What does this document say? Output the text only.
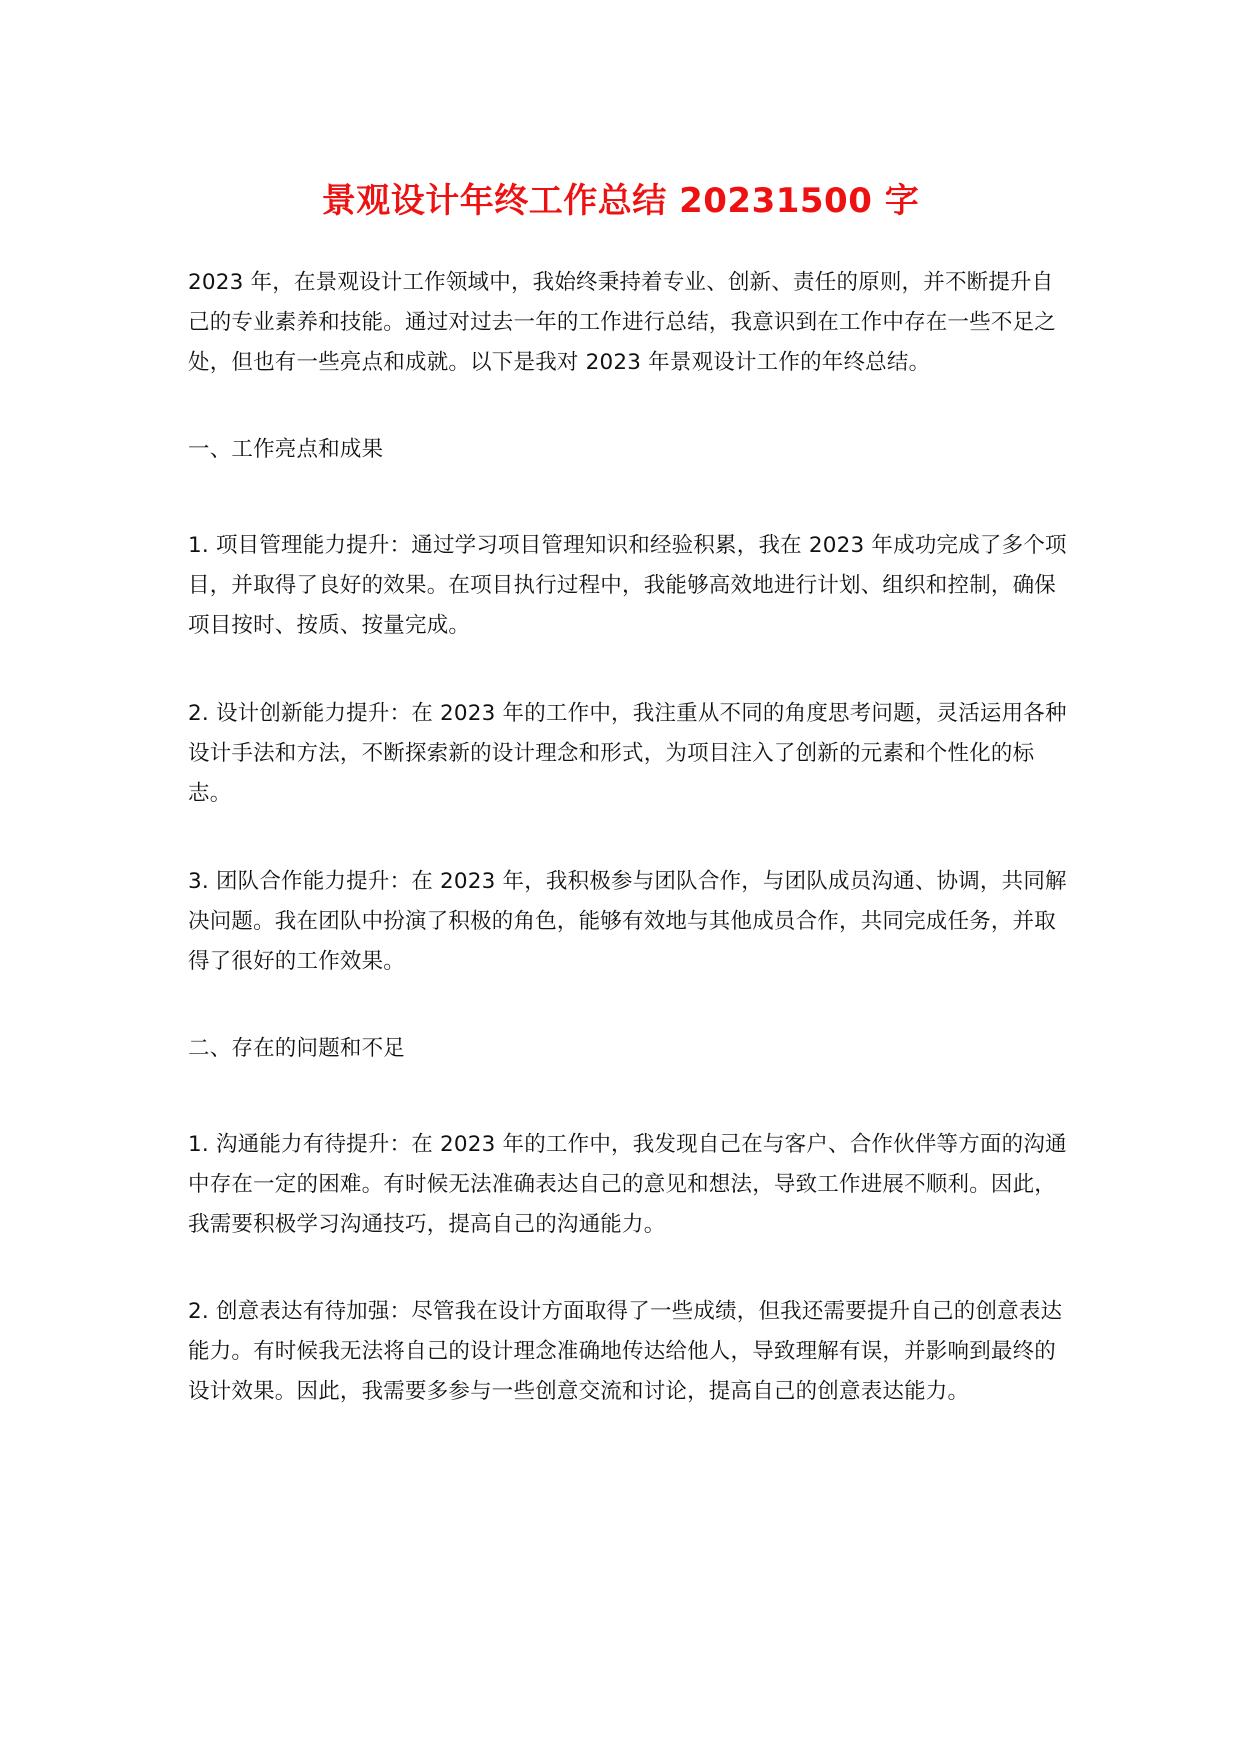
景观设计年终工作总结 20231500 字
2023 年，在景观设计工作领域中，我始终秉持着专业、创新、责任的原则，并不断提升自己的专业素养和技能。通过对过去一年的工作进行总结，我意识到在工作中存在一些不足之处，但也有一些亮点和成就。以下是我对 2023 年景观设计工作的年终总结。
一、工作亮点和成果
1. 项目管理能力提升：通过学习项目管理知识和经验积累，我在 2023 年成功完成了多个项目，并取得了良好的效果。在项目执行过程中，我能够高效地进行计划、组织和控制，确保项目按时、按质、按量完成。
2. 设计创新能力提升：在 2023 年的工作中，我注重从不同的角度思考问题，灵活运用各种设计手法和方法，不断探索新的设计理念和形式，为项目注入了创新的元素和个性化的标志。
3. 团队合作能力提升：在 2023 年，我积极参与团队合作，与团队成员沟通、协调，共同解决问题。我在团队中扮演了积极的角色，能够有效地与其他成员合作，共同完成任务，并取得了很好的工作效果。
二、存在的问题和不足
1. 沟通能力有待提升：在 2023 年的工作中，我发现自己在与客户、合作伙伴等方面的沟通中存在一定的困难。有时候无法准确表达自己的意见和想法，导致工作进展不顺利。因此，我需要积极学习沟通技巧，提高自己的沟通能力。
2. 创意表达有待加强：尽管我在设计方面取得了一些成绩，但我还需要提升自己的创意表达能力。有时候我无法将自己的设计理念准确地传达给他人，导致理解有误，并影响到最终的设计效果。因此，我需要多参与一些创意交流和讨论，提高自己的创意表达能力。
